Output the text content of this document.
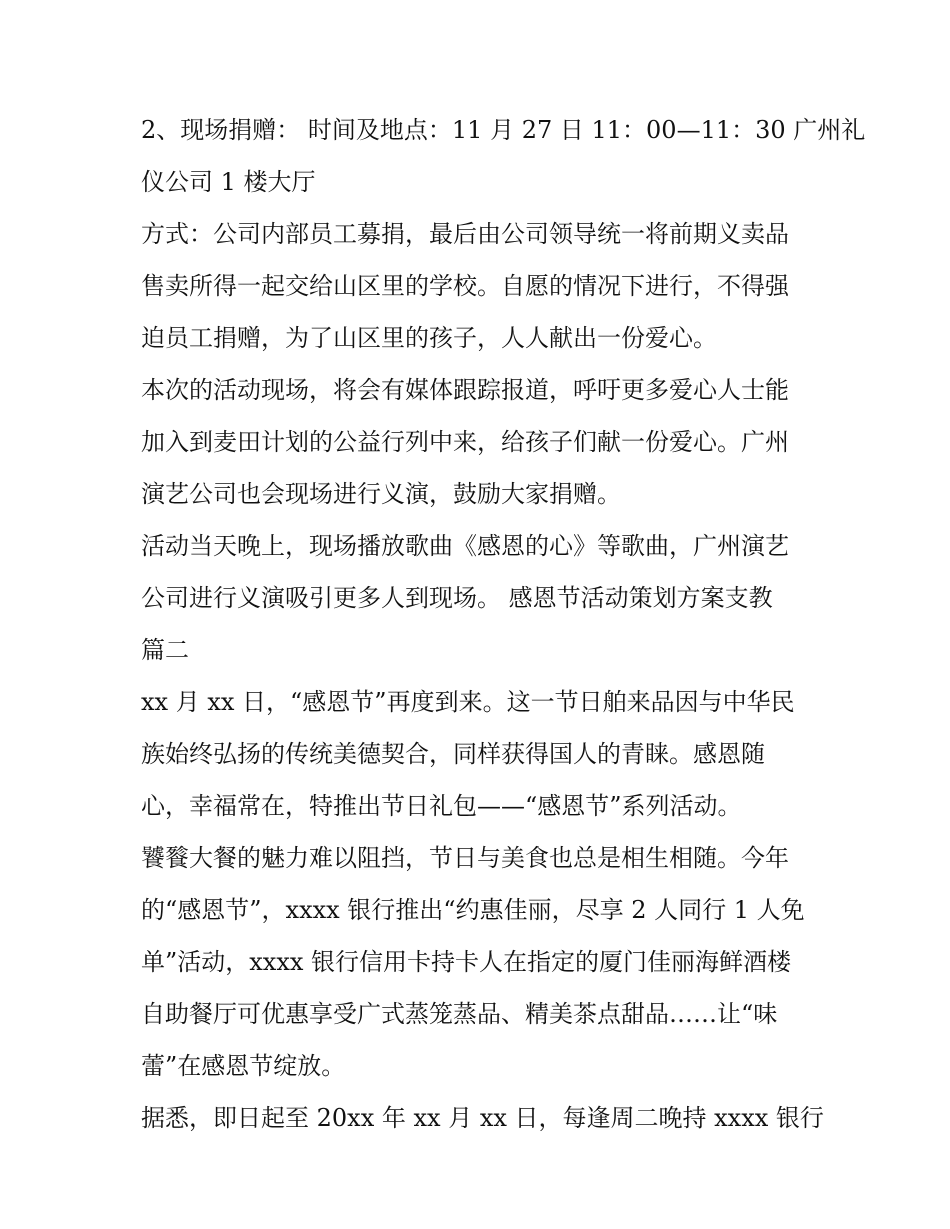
2、现场捐赠： 时间及地点：11 月 27 日 11：00—11：30 广州礼
仪公司 1 楼大厅
方式：公司内部员工募捐，最后由公司领导统一将前期义卖品
售卖所得一起交给山区里的学校。自愿的情况下进行，不得强
迫员工捐赠，为了山区里的孩子，人人献出一份爱心。
本次的活动现场，将会有媒体跟踪报道，呼吁更多爱心人士能
加入到麦田计划的公益行列中来，给孩子们献一份爱心。广州
演艺公司也会现场进行义演，鼓励大家捐赠。
活动当天晚上，现场播放歌曲《感恩的心》等歌曲，广州演艺
公司进行义演吸引更多人到现场。 感恩节活动策划方案支教
篇二
xx 月 xx 日，“感恩节”再度到来。这一节日舶来品因与中华民
族始终弘扬的传统美德契合，同样获得国人的青睐。感恩随
心，幸福常在，特推出节日礼包——“感恩节”系列活动。
饕餮大餐的魅力难以阻挡，节日与美食也总是相生相随。今年
的“感恩节”，xxxx 银行推出“约惠佳丽，尽享 2 人同行 1 人免
单”活动，xxxx 银行信用卡持卡人在指定的厦门佳丽海鲜酒楼
自助餐厅可优惠享受广式蒸笼蒸品、精美茶点甜品……让“味
蕾”在感恩节绽放。
据悉，即日起至 20xx 年 xx 月 xx 日，每逢周二晚持 xxxx 银行
